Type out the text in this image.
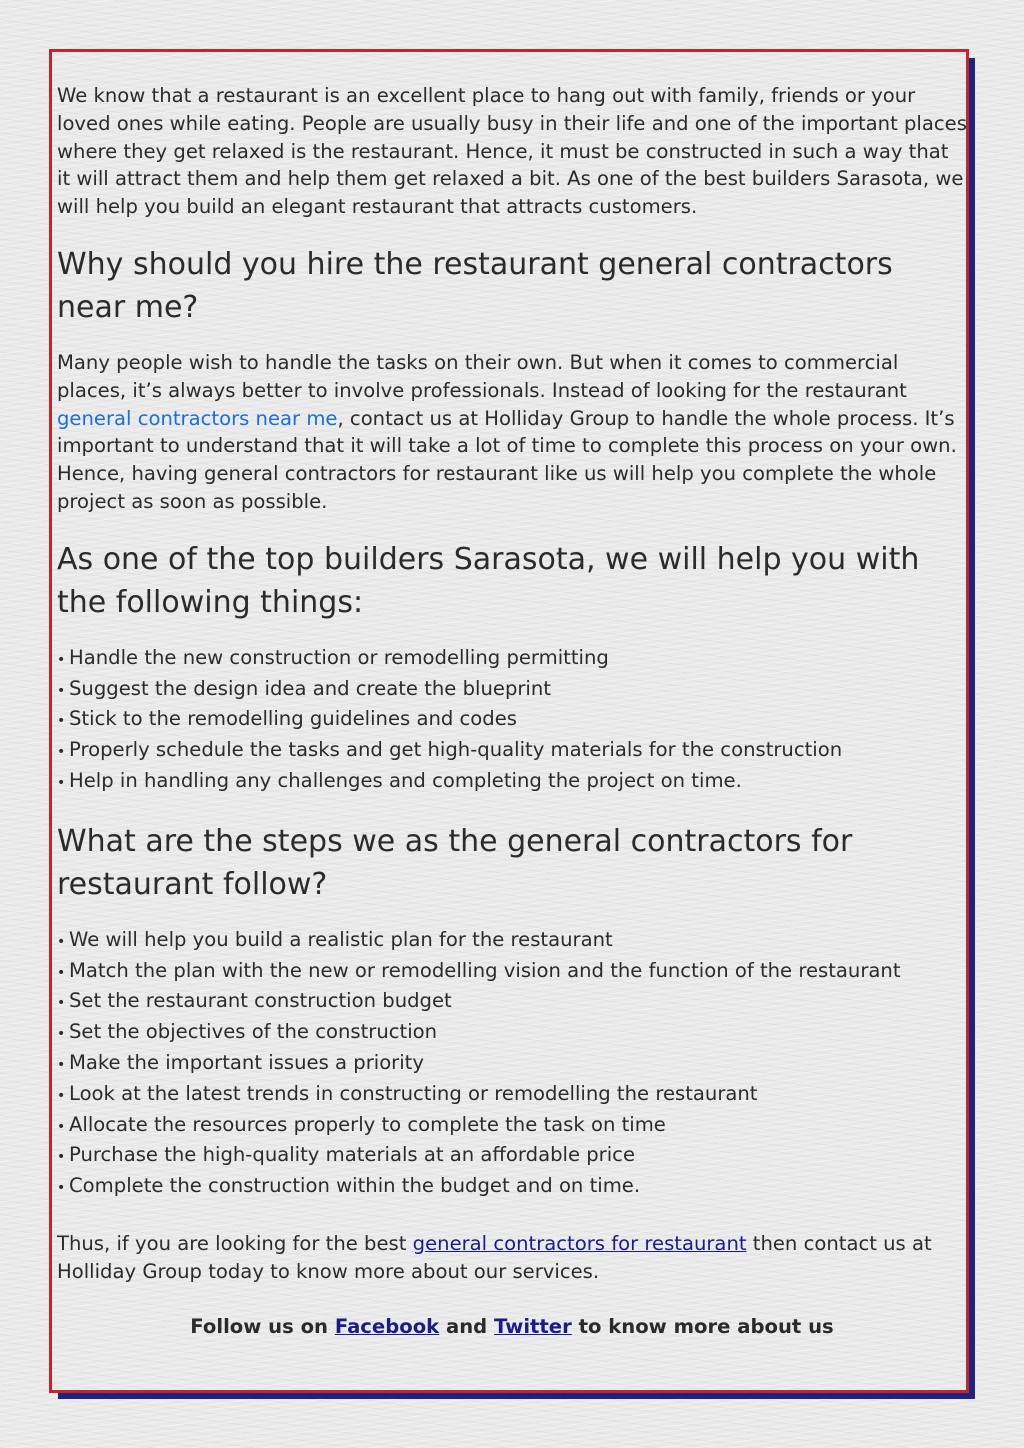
We know that a restaurant is an excellent place to hang out with family, friends or your loved ones while eating. People are usually busy in their life and one of the important places where they get relaxed is the restaurant. Hence, it must be constructed in such a way that it will attract them and help them get relaxed a bit. As one of the best builders Sarasota, we will help you build an elegant restaurant that attracts customers.

Why should you hire the restaurant general contractors near me?

Many people wish to handle the tasks on their own. But when it comes to commercial places, it’s always better to involve professionals. Instead of looking for the restaurant general contractors near me, contact us at Holliday Group to handle the whole process. It’s important to understand that it will take a lot of time to complete this process on your own. Hence, having general contractors for restaurant like us will help you complete the whole project as soon as possible.

As one of the top builders Sarasota, we will help you with the following things:
• Handle the new construction or remodelling permitting
• Suggest the design idea and create the blueprint
• Stick to the remodelling guidelines and codes
• Properly schedule the tasks and get high-quality materials for the construction
• Help in handling any challenges and completing the project on time.
What are the steps we as the general contractors for restaurant follow?
• We will help you build a realistic plan for the restaurant
• Match the plan with the new or remodelling vision and the function of the restaurant
• Set the restaurant construction budget
• Set the objectives of the construction
• Make the important issues a priority
• Look at the latest trends in constructing or remodelling the restaurant
• Allocate the resources properly to complete the task on time
• Purchase the high-quality materials at an affordable price
• Complete the construction within the budget and on time.

Thus, if you are looking for the best general contractors for restaurant then contact us at Holliday Group today to know more about our services.

Follow us on Facebook and Twitter to know more about us
